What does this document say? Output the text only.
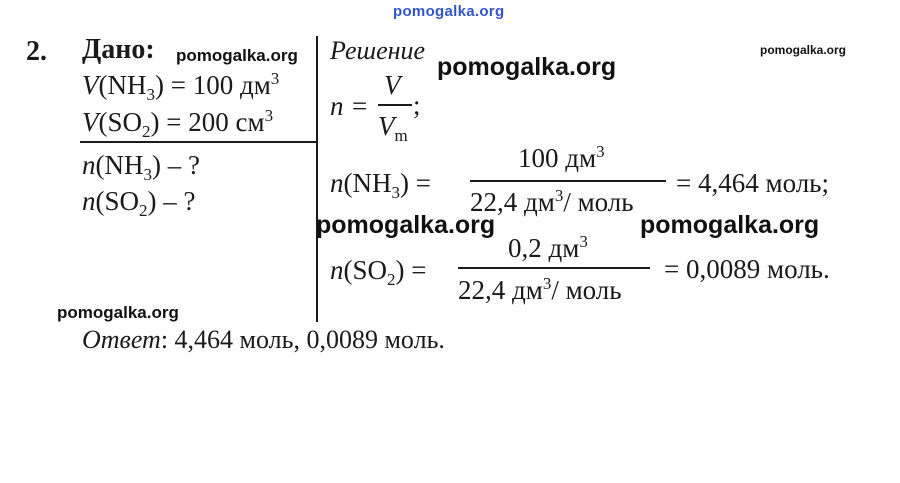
pomogalka.org
2. Дано: pomogalka.org
$V(NH_3) = 100$ $дм^3$
$V(SO_2) = 200$ $см^3$
$n(NH_3)$ – ?
$n(SO_2)$ – ?
Решение
pomogalka.org
pomogalka.org
n =
V
$V_m$
;
$n(NH_3)$ =
100 $дм^3$
22,4 $дм^3/$ моль
= 4,464 моль;
pomogalka.org	pomogalka.org
$n(SO_2)$ =
0,2 $дм^3$
22,4 $дм^3/$ моль
= 0,0089 моль.
pomogalka.org
Ответ: 4,464 моль, 0,0089 моль.
